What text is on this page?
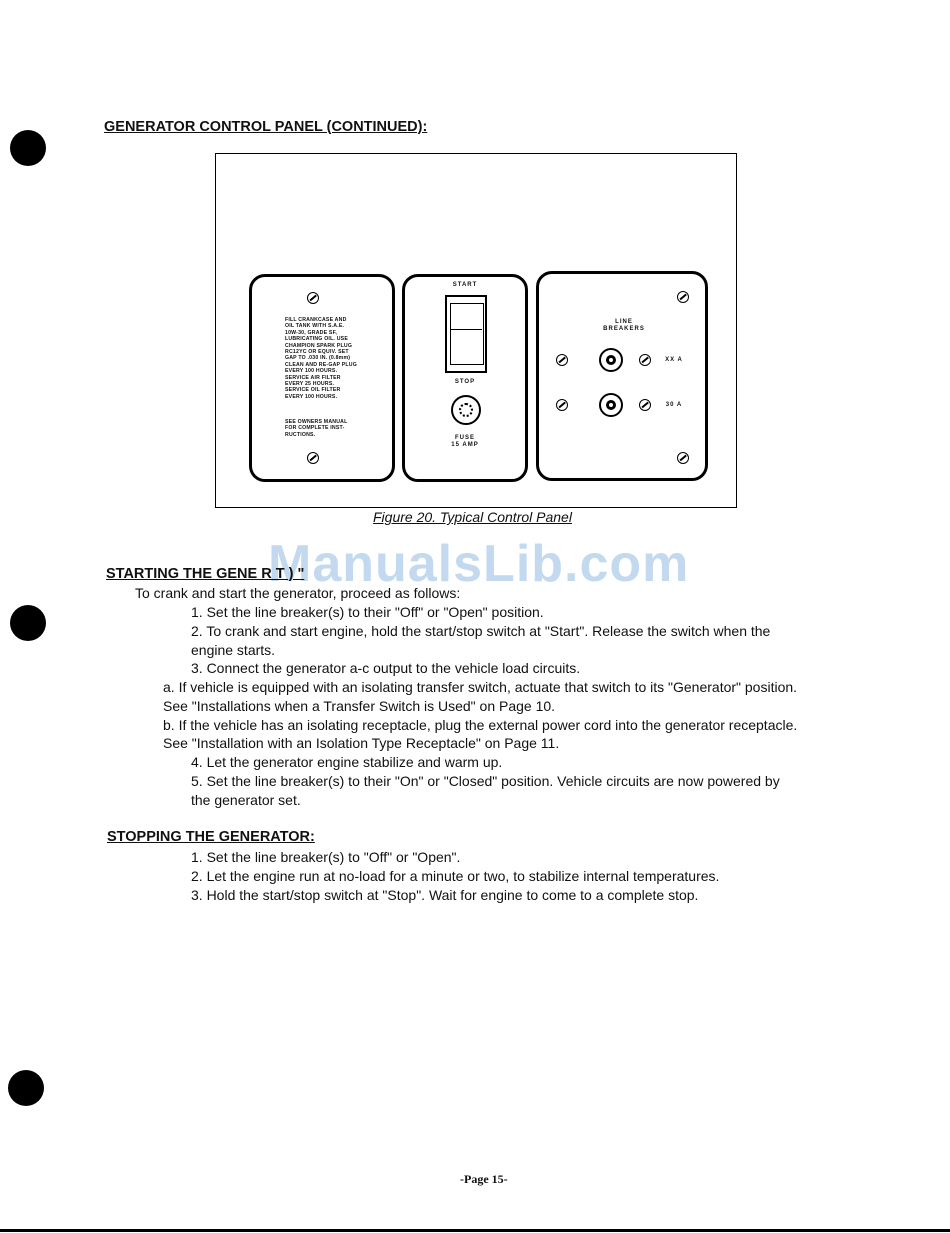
GENERATOR CONTROL PANEL (CONTINUED):
FILL CRANKCASE AND
OIL TANK WITH S.A.E.
10W-30, GRADE SF,
LUBRICATING OIL. USE
CHAMPION SPARK PLUG
RC12YC OR EQUIV. SET
GAP TO .030 IN. (0.8mm)
CLEAN AND RE-GAP PLUG
EVERY 100 HOURS.
SERVICE AIR FILTER
EVERY 25 HOURS.
SERVICE OIL FILTER
EVERY 100 HOURS.
SEE OWNERS MANUAL
FOR COMPLETE INST-
RUCTIONS.
START
STOP
FUSE
15 AMP
LINE
BREAKERS
XX A
30 A
Figure 20. Typical Control Panel
ManualsLib.com
STARTING THE GENE R T ) "
To crank and start the generator, proceed as follows:
1. Set the line breaker(s) to their "Off" or "Open" position.
2. To crank and start engine, hold the start/stop switch at "Start". Release the switch when the
engine starts.
3. Connect the generator a-c output to the vehicle load circuits.
a. If vehicle is equipped with an isolating transfer switch, actuate that switch to its "Generator" position.
See "Installations when a Transfer Switch is Used" on Page 10.
b. If the vehicle has an isolating receptacle, plug the external power cord into the generator receptacle.
See "Installation with an Isolation Type Receptacle" on Page 11.
4. Let the generator engine stabilize and warm up.
5. Set the line breaker(s) to their "On" or "Closed" position. Vehicle circuits are now powered by
the generator set.
STOPPING THE GENERATOR:
1. Set the line breaker(s) to "Off" or "Open".
2. Let the engine run at no-load for a minute or two, to stabilize internal temperatures.
3. Hold the start/stop switch at "Stop". Wait for engine to come to a complete stop.
-Page 15-
